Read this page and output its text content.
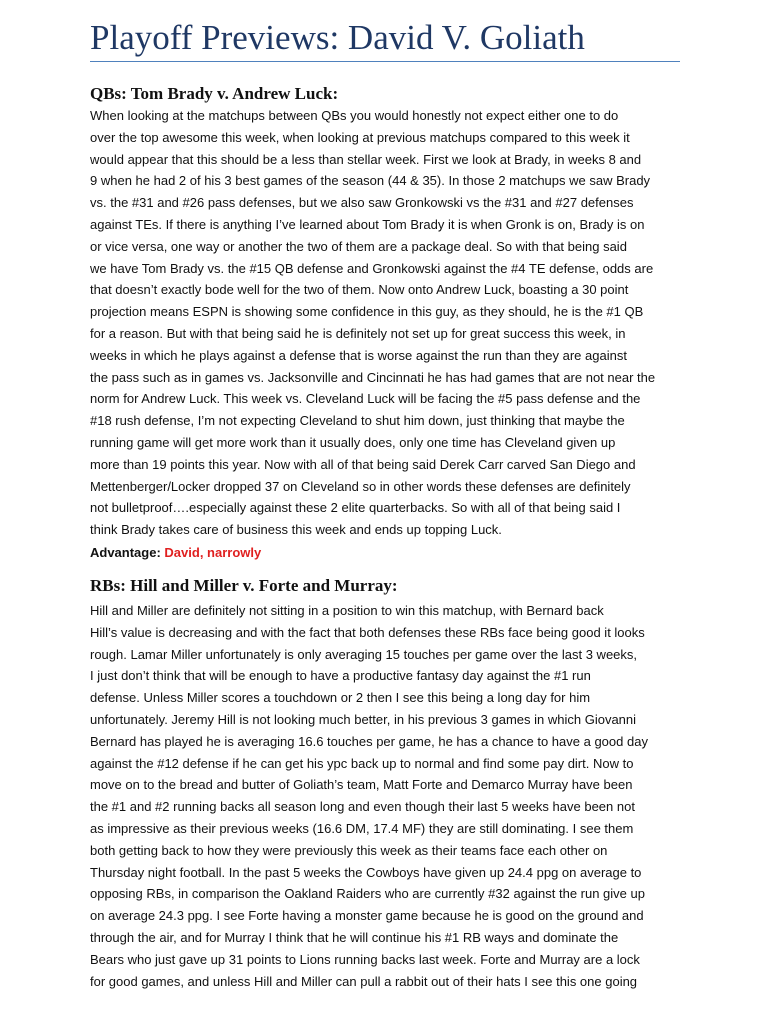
Playoff Previews: David V. Goliath
QBs: Tom Brady v. Andrew Luck:
When looking at the matchups between QBs you would honestly not expect either one to do
over the top awesome this week, when looking at previous matchups compared to this week it
would appear that this should be a less than stellar week. First we look at Brady, in weeks 8 and
9 when he had 2 of his 3 best games of the season (44 & 35). In those 2 matchups we saw Brady
vs. the #31 and #26 pass defenses, but we also saw Gronkowski vs the #31 and #27 defenses
against TEs. If there is anything I’ve learned about Tom Brady it is when Gronk is on, Brady is on
or vice versa, one way or another the two of them are a package deal. So with that being said
we have Tom Brady vs. the #15 QB defense and Gronkowski against the #4 TE defense, odds are
that doesn’t exactly bode well for the two of them. Now onto Andrew Luck, boasting a 30 point
projection means ESPN is showing some confidence in this guy, as they should, he is the #1 QB
for a reason. But with that being said he is definitely not set up for great success this week, in
weeks in which he plays against a defense that is worse against the run than they are against
the pass such as in games vs. Jacksonville and Cincinnati he has had games that are not near the
norm for Andrew Luck. This week vs. Cleveland Luck will be facing the #5 pass defense and the
#18 rush defense, I’m not expecting Cleveland to shut him down, just thinking that maybe the
running game will get more work than it usually does, only one time has Cleveland given up
more than 19 points this year. Now with all of that being said Derek Carr carved San Diego and
Mettenberger/Locker dropped 37 on Cleveland so in other words these defenses are definitely
not bulletproof….especially against these 2 elite quarterbacks. So with all of that being said I
think Brady takes care of business this week and ends up topping Luck.

Advantage: David, narrowly

RBs: Hill and Miller v. Forte and Murray:
Hill and Miller are definitely not sitting in a position to win this matchup, with Bernard back
Hill’s value is decreasing and with the fact that both defenses these RBs face being good it looks
rough. Lamar Miller unfortunately is only averaging 15 touches per game over the last 3 weeks,
I just don’t think that will be enough to have a productive fantasy day against the #1 run
defense. Unless Miller scores a touchdown or 2 then I see this being a long day for him
unfortunately. Jeremy Hill is not looking much better, in his previous 3 games in which Giovanni
Bernard has played he is averaging 16.6 touches per game, he has a chance to have a good day
against the #12 defense if he can get his ypc back up to normal and find some pay dirt. Now to
move on to the bread and butter of Goliath’s team, Matt Forte and Demarco Murray have been
the #1 and #2 running backs all season long and even though their last 5 weeks have been not
as impressive as their previous weeks (16.6 DM, 17.4 MF) they are still dominating. I see them
both getting back to how they were previously this week as their teams face each other on
Thursday night football. In the past 5 weeks the Cowboys have given up 24.4 ppg on average to
opposing RBs, in comparison the Oakland Raiders who are currently #32 against the run give up
on average 24.3 ppg. I see Forte having a monster game because he is good on the ground and
through the air, and for Murray I think that he will continue his #1 RB ways and dominate the
Bears who just gave up 31 points to Lions running backs last week. Forte and Murray are a lock
for good games, and unless Hill and Miller can pull a rabbit out of their hats I see this one going
